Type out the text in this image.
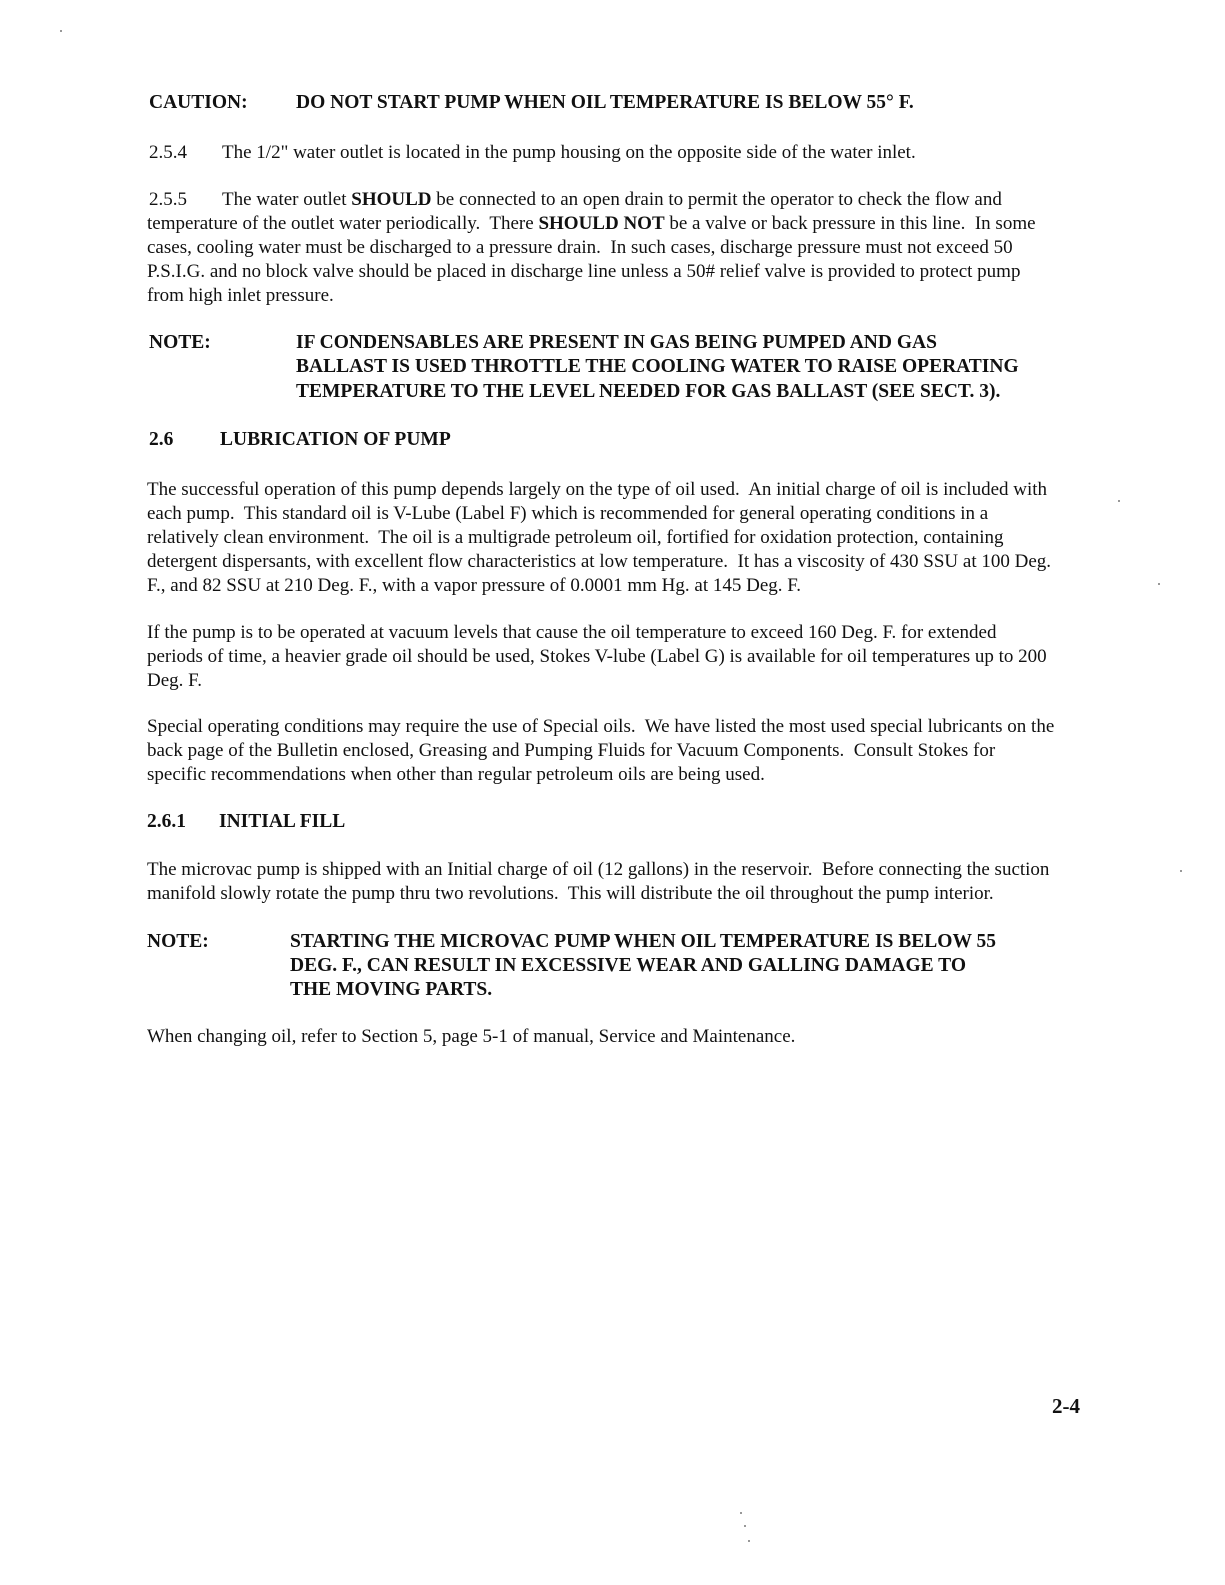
CAUTION: DO NOT START PUMP WHEN OIL TEMPERATURE IS BELOW 55° F.
2.5.4 The 1/2" water outlet is located in the pump housing on the opposite side of the water inlet.
2.5.5 The water outlet SHOULD be connected to an open drain to permit the operator to check the flow and
temperature of the outlet water periodically.  There SHOULD NOT be a valve or back pressure in this line.  In some
cases, cooling water must be discharged to a pressure drain.  In such cases, discharge pressure must not exceed 50
P.S.I.G. and no block valve should be placed in discharge line unless a 50# relief valve is provided to protect pump
from high inlet pressure.
NOTE:	IF CONDENSABLES ARE PRESENT IN GAS BEING PUMPED AND GAS
BALLAST IS USED THROTTLE THE COOLING WATER TO RAISE OPERATING
TEMPERATURE TO THE LEVEL NEEDED FOR GAS BALLAST (SEE SECT. 3).
2.6 LUBRICATION OF PUMP
The successful operation of this pump depends largely on the type of oil used.  An initial charge of oil is included with
each pump.  This standard oil is V-Lube (Label F) which is recommended for general operating conditions in a
relatively clean environment.  The oil is a multigrade petroleum oil, fortified for oxidation protection, containing
detergent dispersants, with excellent flow characteristics at low temperature.  It has a viscosity of 430 SSU at 100 Deg.
F., and 82 SSU at 210 Deg. F., with a vapor pressure of 0.0001 mm Hg. at 145 Deg. F.
If the pump is to be operated at vacuum levels that cause the oil temperature to exceed 160 Deg. F. for extended
periods of time, a heavier grade oil should be used, Stokes V-lube (Label G) is available for oil temperatures up to 200
Deg. F.
Special operating conditions may require the use of Special oils.  We have listed the most used special lubricants on the
back page of the Bulletin enclosed, Greasing and Pumping Fluids for Vacuum Components.  Consult Stokes for
specific recommendations when other than regular petroleum oils are being used.
2.6.1 INITIAL FILL
The microvac pump is shipped with an Initial charge of oil (12 gallons) in the reservoir.  Before connecting the suction
manifold slowly rotate the pump thru two revolutions.  This will distribute the oil throughout the pump interior.
NOTE:	STARTING THE MICROVAC PUMP WHEN OIL TEMPERATURE IS BELOW 55
DEG. F., CAN RESULT IN EXCESSIVE WEAR AND GALLING DAMAGE TO
THE MOVING PARTS.
When changing oil, refer to Section 5, page 5-1 of manual, Service and Maintenance.
2-4
